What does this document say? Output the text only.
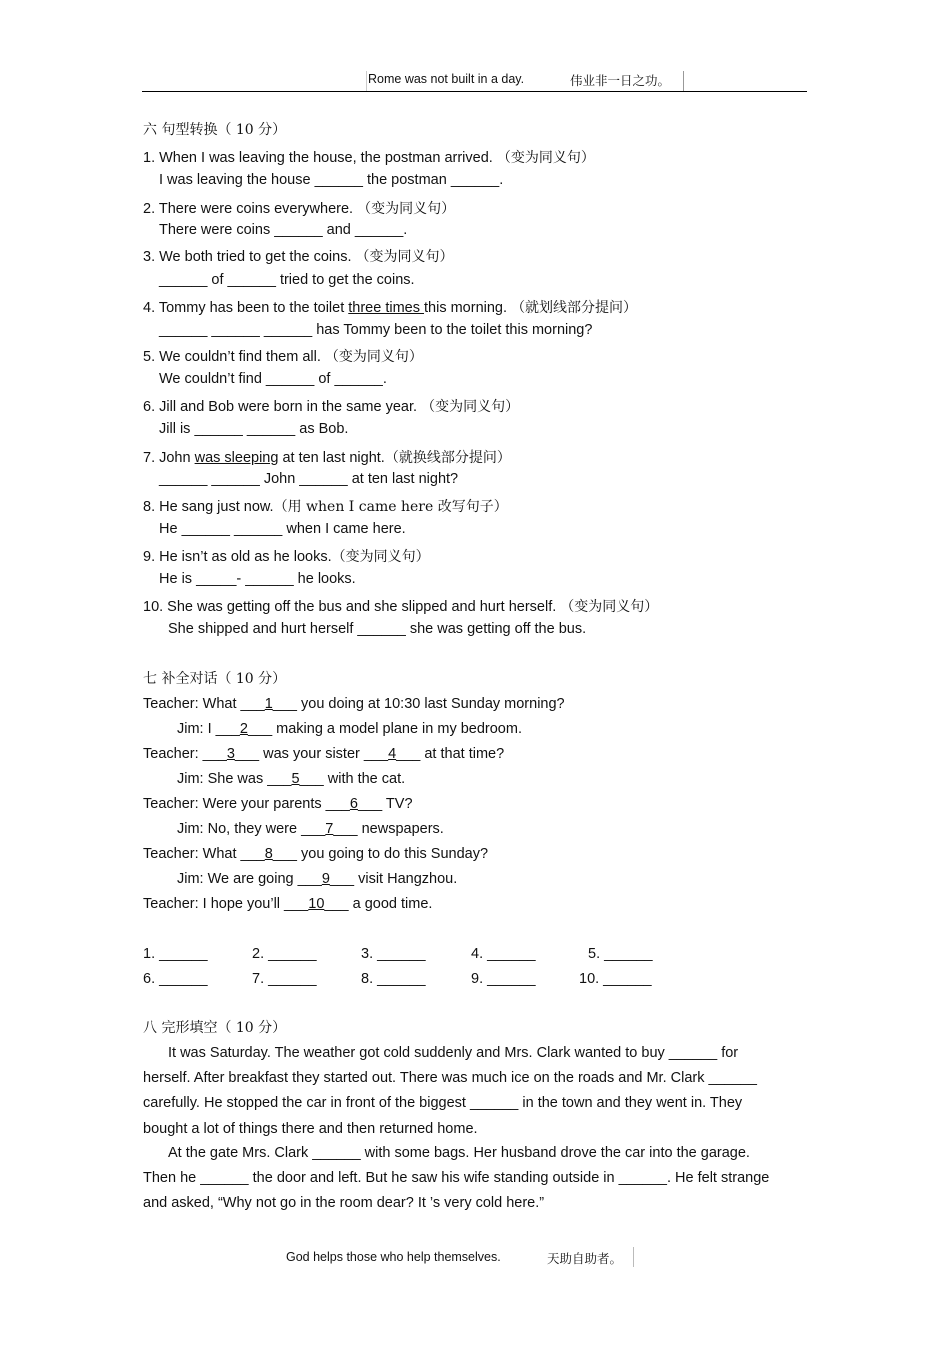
Rome was not built in a day.	伟业非一日之功。
六 句型转换（ 10 分）
1. When I was leaving the house, the postman arrived. （变为同义句）
I was leaving the house ______ the postman ______.
2. There were coins everywhere. （变为同义句）
There were coins ______ and ______.
3. We both tried to get the coins. （变为同义句）
______ of ______ tried to get the coins.
4. Tommy has been to the toilet three times this morning. （就划线部分提问）
______ ______ ______ has Tommy been to the toilet this morning?
5. We couldn’t find them all. （变为同义句）
We couldn’t find ______ of ______.
6. Jill and Bob were born in the same year. （变为同义句）
Jill is ______ ______ as Bob.
7. John was sleeping at ten last night.（就换线部分提问）
______ ______ John ______ at ten last night?
8. He sang just now.（用 when I came here 改写句子）
He ______ ______ when I came here.
9. He isn’t as old as he looks.（变为同义句）
He is _____- ______ he looks.
10. She was getting off the bus and she slipped and hurt herself. （变为同义句）
She shipped and hurt herself ______ she was getting off the bus.
七 补全对话（ 10 分）
Teacher: What ___1___ you doing at 10:30 last Sunday morning?
Jim: I ___2___ making a model plane in my bedroom.
Teacher: ___3___ was your sister ___4___ at that time?
Jim: She was ___5___ with the cat.
Teacher: Were your parents ___6___ TV?
Jim: No, they were ___7___ newspapers.
Teacher: What ___8___ you going to do this Sunday?
Jim: We are going ___9___ visit Hangzhou.
Teacher: I hope you’ll ___10___ a good time.
1. ______	2. ______	3. ______	4. ______	5. ______
6. ______	7. ______	8. ______	9. ______	10. ______
八 完形填空（ 10 分）
It was Saturday. The weather got cold suddenly and Mrs. Clark wanted to buy ______ for
herself. After breakfast they started out. There was much ice on the roads and Mr. Clark ______
carefully. He stopped the car in front of the biggest ______ in the town and they went in. They
bought a lot of things there and then returned home.
At the gate Mrs. Clark ______ with some bags. Her husband drove the car into the garage.
Then he ______ the door and left. But he saw his wife standing outside in ______. He felt strange
and asked, “Why not go in the room dear? It ’s very cold here.”
God helps those who help themselves.	天助自助者。
